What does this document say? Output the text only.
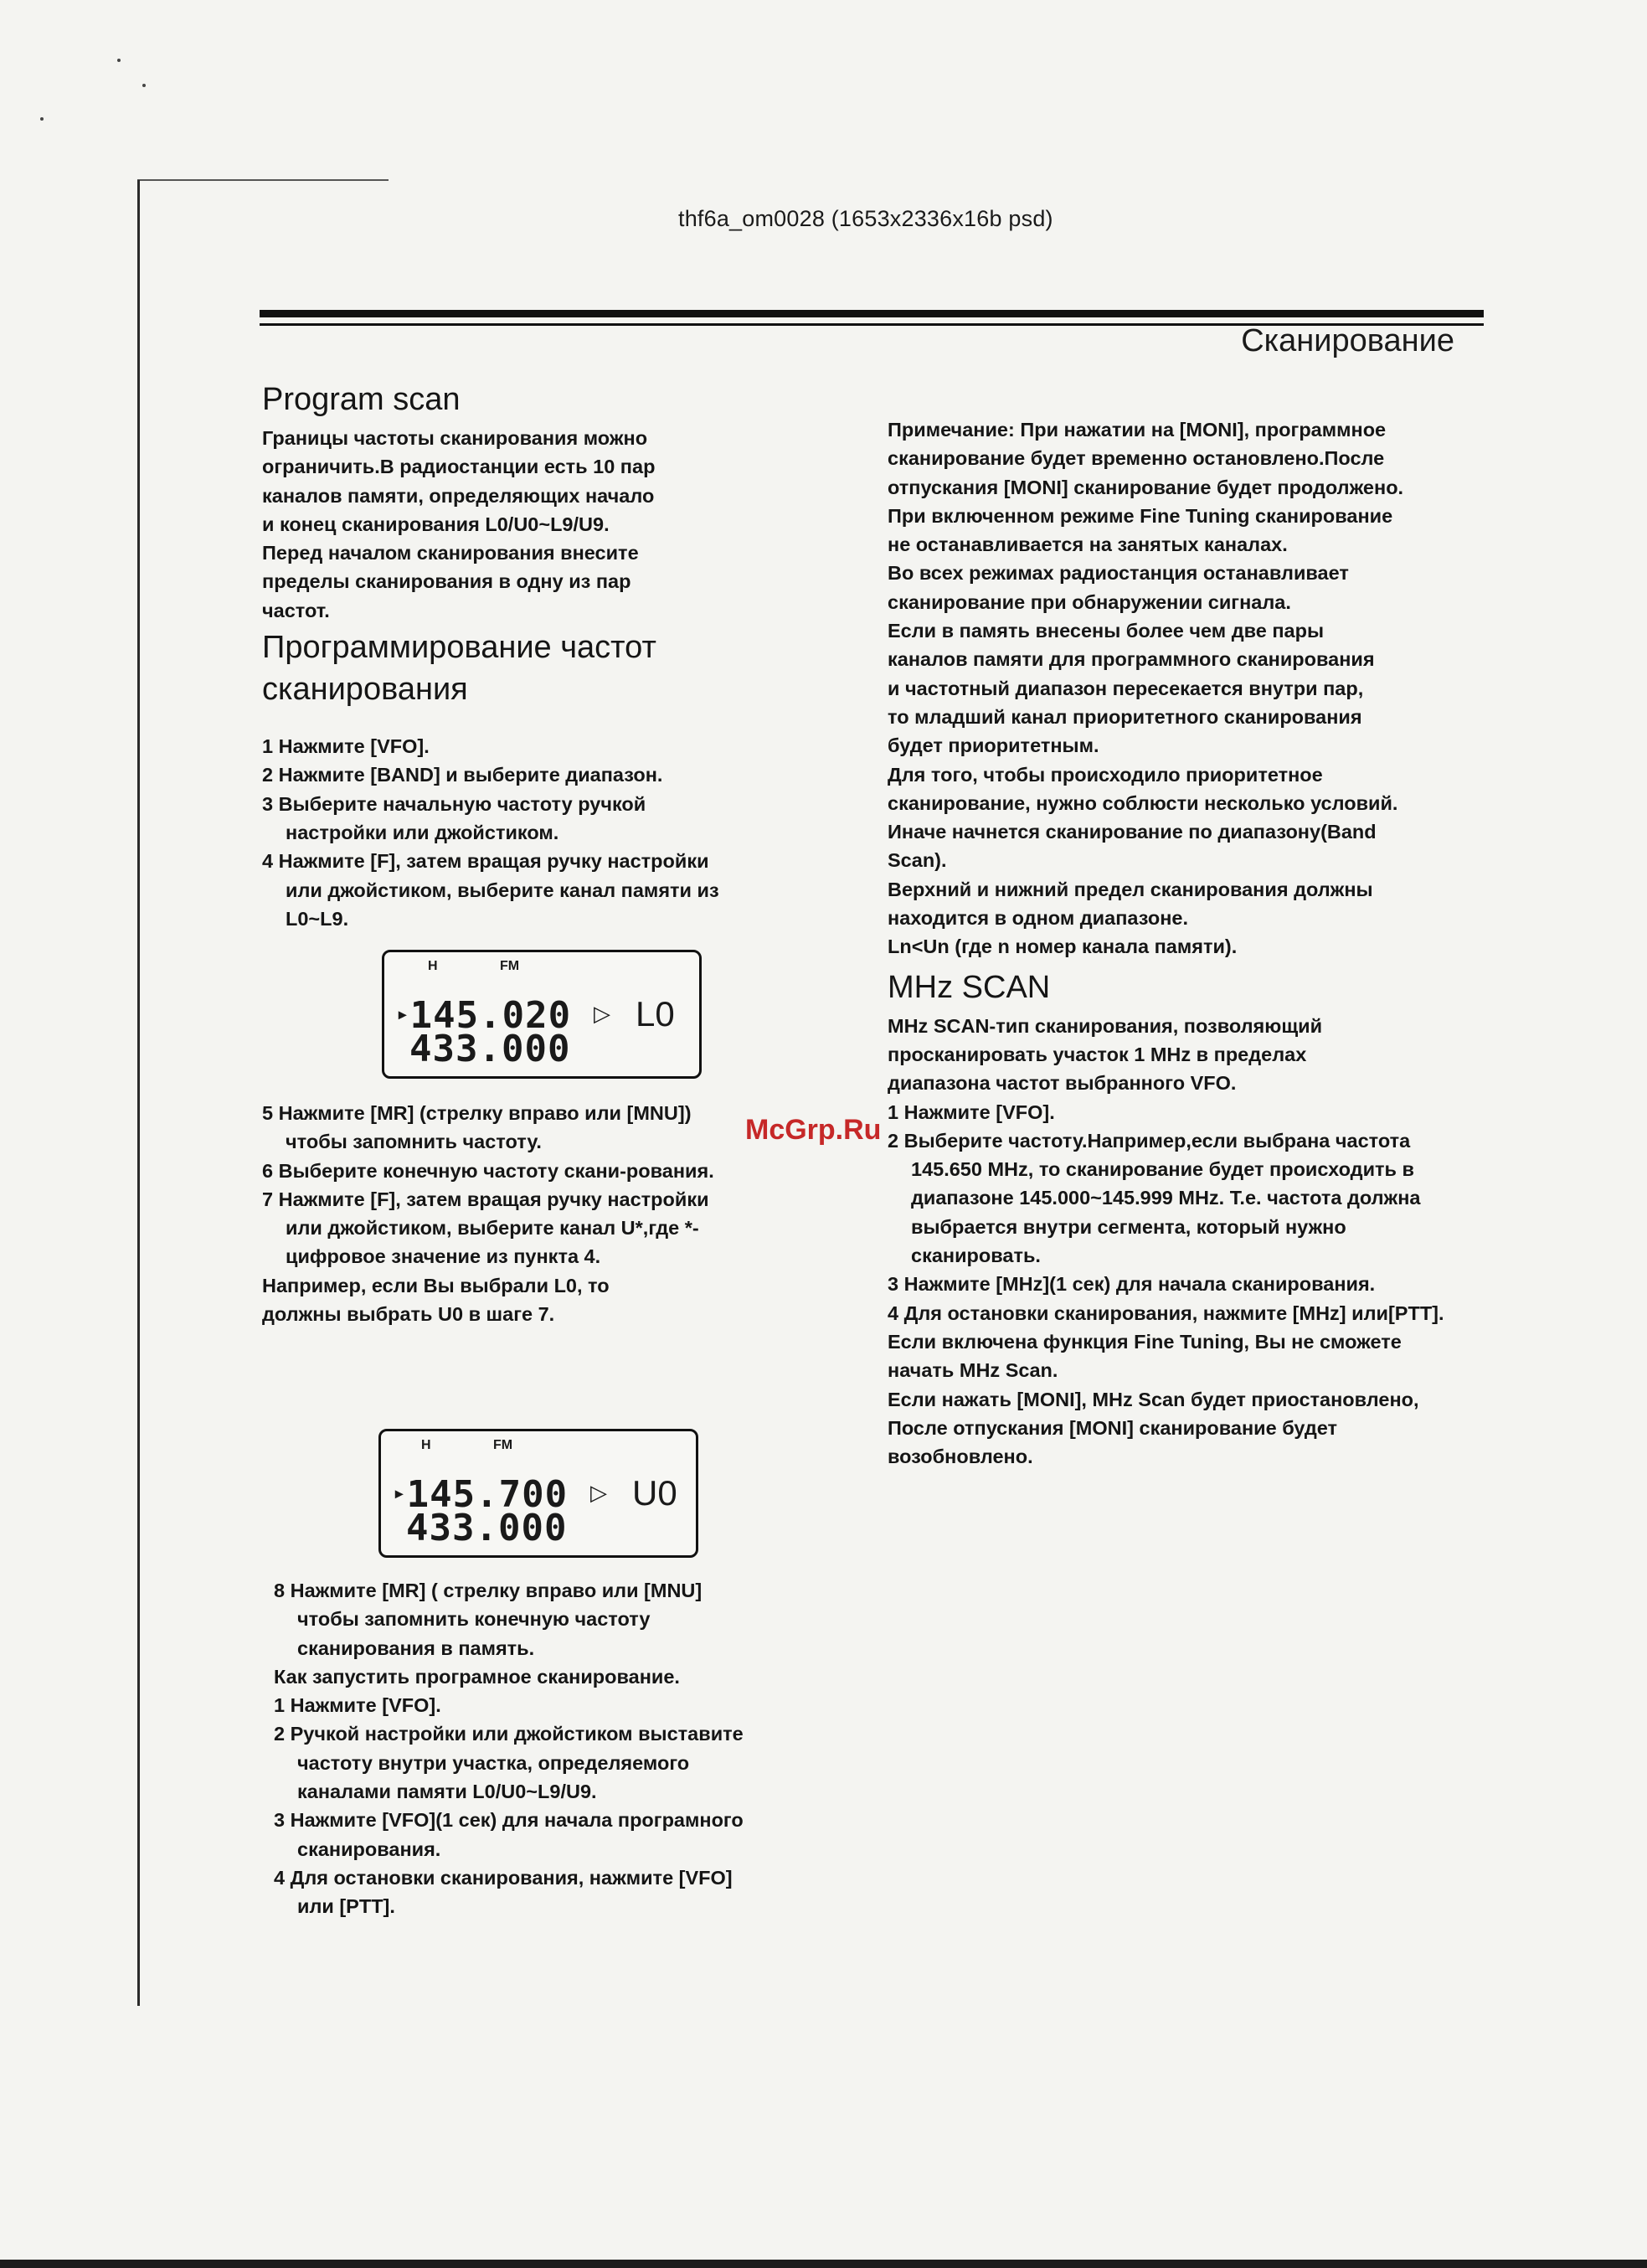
thf6a_om0028 (1653x2336x16b psd)
Сканирование
Program scan

Границы частоты сканирования можно

ограничить.В радиостанции есть 10 пар

каналов памяти, определяющих начало

и конец сканирования L0/U0~L9/U9.

Перед началом сканирования внесите

пределы сканирования в одну из пар

частот.

Программирование частот
сканирования

1 Нажмите [VFO].

2 Нажмите [BAND] и выберите диапазон.

3 Выберите начальную частоту ручкой настройки или джойстиком.

4 Нажмите [F], затем вращая ручку настройки или джойстиком, выберите канал памяти из L0~L9.

H	FM
▸145.020 ▷ L0
433.000

5 Нажмите [MR] (стрелку вправо или [MNU]) чтобы запомнить частоту.

6 Выберите конечную частоту скани-рования.

7 Нажмите [F], затем вращая ручку настройки или джойстиком, выберите канал U*,где *-цифровое значение из пункта 4.

Например, если Вы выбрали L0, то

должны выбрать U0 в шаге 7.

H	FM
▸145.700 ▷ U0
433.000

8 Нажмите [MR] ( стрелку вправо или [MNU] чтобы запомнить конечную частоту сканирования в память.

Как запустить програмное сканирование.

1 Нажмите [VFO].

2 Ручкой настройки или джойстиком выставите частоту внутри участка, определяемого каналами памяти L0/U0~L9/U9.

3 Нажмите [VFO](1 сек) для начала програмного сканирования.

4 Для остановки сканирования, нажмите [VFO] или [PTT].

Примечание: При нажатии на [MONI], программное

сканирование будет временно остановлено.После

отпускания [MONI] сканирование будет продолжено.

При включенном режиме Fine Tuning сканирование

не останавливается на занятых каналах.

Во всех режимах радиостанция останавливает

сканирование при обнаружении сигнала.

Если в память внесены более чем две пары

каналов памяти для программного сканирования

и частотный диапазон пересекается внутри пар,

то младший канал приоритетного сканирования

будет приоритетным.

Для того, чтобы происходило приоритетное

сканирование, нужно соблюсти несколько условий.

Иначе начнется сканирование по диапазону(Band

Scan).

Верхний и нижний предел сканирования должны

находится в одном диапазоне.

Ln<Un (где n номер канала памяти).

MHz SCAN

MHz SCAN-тип сканирования, позволяющий

просканировать участок 1 MHz в пределах

диапазона частот выбранного VFO.

1 Нажмите [VFO].

2 Выберите частоту.Например,если выбрана частота 145.650 MHz, то сканирование будет происходить в диапазоне 145.000~145.999 MHz. Т.е. частота должна выбрается внутри сегмента, который нужно сканировать.

3 Нажмите [MHz](1 сек) для начала сканирования.

4 Для остановки сканирования, нажмите [MHz] или[PTT].

Если включена функция Fine Tuning, Вы не сможете

начать MHz Scan.

Если нажать [MONI], MHz Scan будет приостановлено,

После отпускания [MONI] сканирование будет

возобновлено.

McGrp.Ru
